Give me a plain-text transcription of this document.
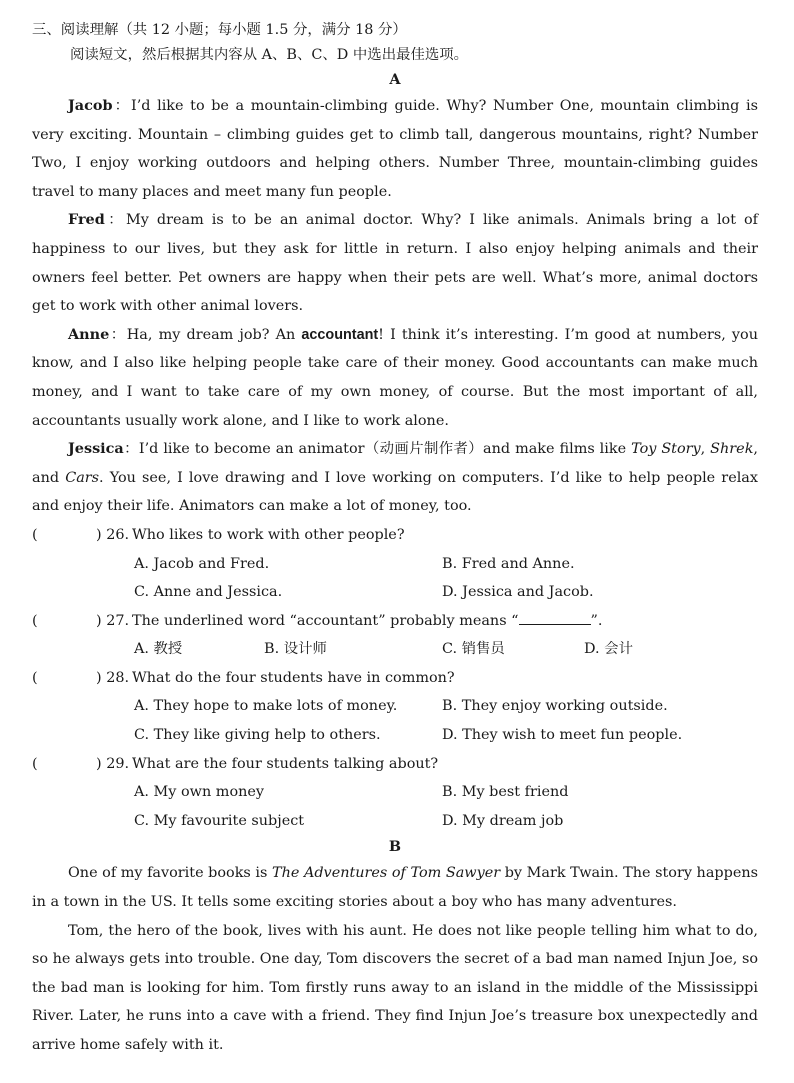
三、阅读理解（共 12 小题；每小题 1.5 分，满分 18 分）
阅读短文，然后根据其内容从 A、B、C、D 中选出最佳选项。
A

Jacob：I’d like to be a mountain-climbing guide. Why? Number One, mountain climbing is very exciting. Mountain – climbing guides get to climb tall, dangerous mountains, right? Number Two, I enjoy working outdoors and helping others. Number Three, mountain-climbing guides travel to many places and meet many fun people.

Fred：My dream is to be an animal doctor. Why? I like animals. Animals bring a lot of happiness to our lives, but they ask for little in return. I also enjoy helping animals and their owners feel better. Pet owners are happy when their pets are well. What’s more, animal doctors get to work with other animal lovers.

Anne：Ha, my dream job? An accountant! I think it’s interesting. I’m good at numbers, you know, and I also like helping people take care of their money. Good accountants can make much money, and I want to take care of my own money, of course. But the most important of all, accountants usually work alone, and I like to work alone.

Jessica：I’d like to become an animator（动画片制作者）and make films like Toy Story, Shrek, and Cars. You see, I love drawing and I love working on computers. I’d like to help people relax and enjoy their life. Animators can make a lot of money, too.

(	) 26. Who likes to work with other people?
A. Jacob and Fred.	B. Fred and Anne.
C. Anne and Jessica.	D. Jessica and Jacob.
(	) 27. The underlined word “accountant” probably means “	”.
A. 教授	B. 设计师	C. 销售员	D. 会计
(	) 28. What do the four students have in common?
A. They hope to make lots of money.	B. They enjoy working outside.
C. They like giving help to others.	D. They wish to meet fun people.
(	) 29. What are the four students talking about?
A. My own money	B. My best friend
C. My favourite subject	D. My dream job
B

One of my favorite books is The Adventures of Tom Sawyer by Mark Twain. The story happens in a town in the US. It tells some exciting stories about a boy who has many adventures.

Tom, the hero of the book, lives with his aunt. He does not like people telling him what to do, so he always gets into trouble. One day, Tom discovers the secret of a bad man named Injun Joe, so the bad man is looking for him. Tom firstly runs away to an island in the middle of the Mississippi River. Later, he runs into a cave with a friend. They find Injun Joe’s treasure box unexpectedly and arrive home safely with it.
